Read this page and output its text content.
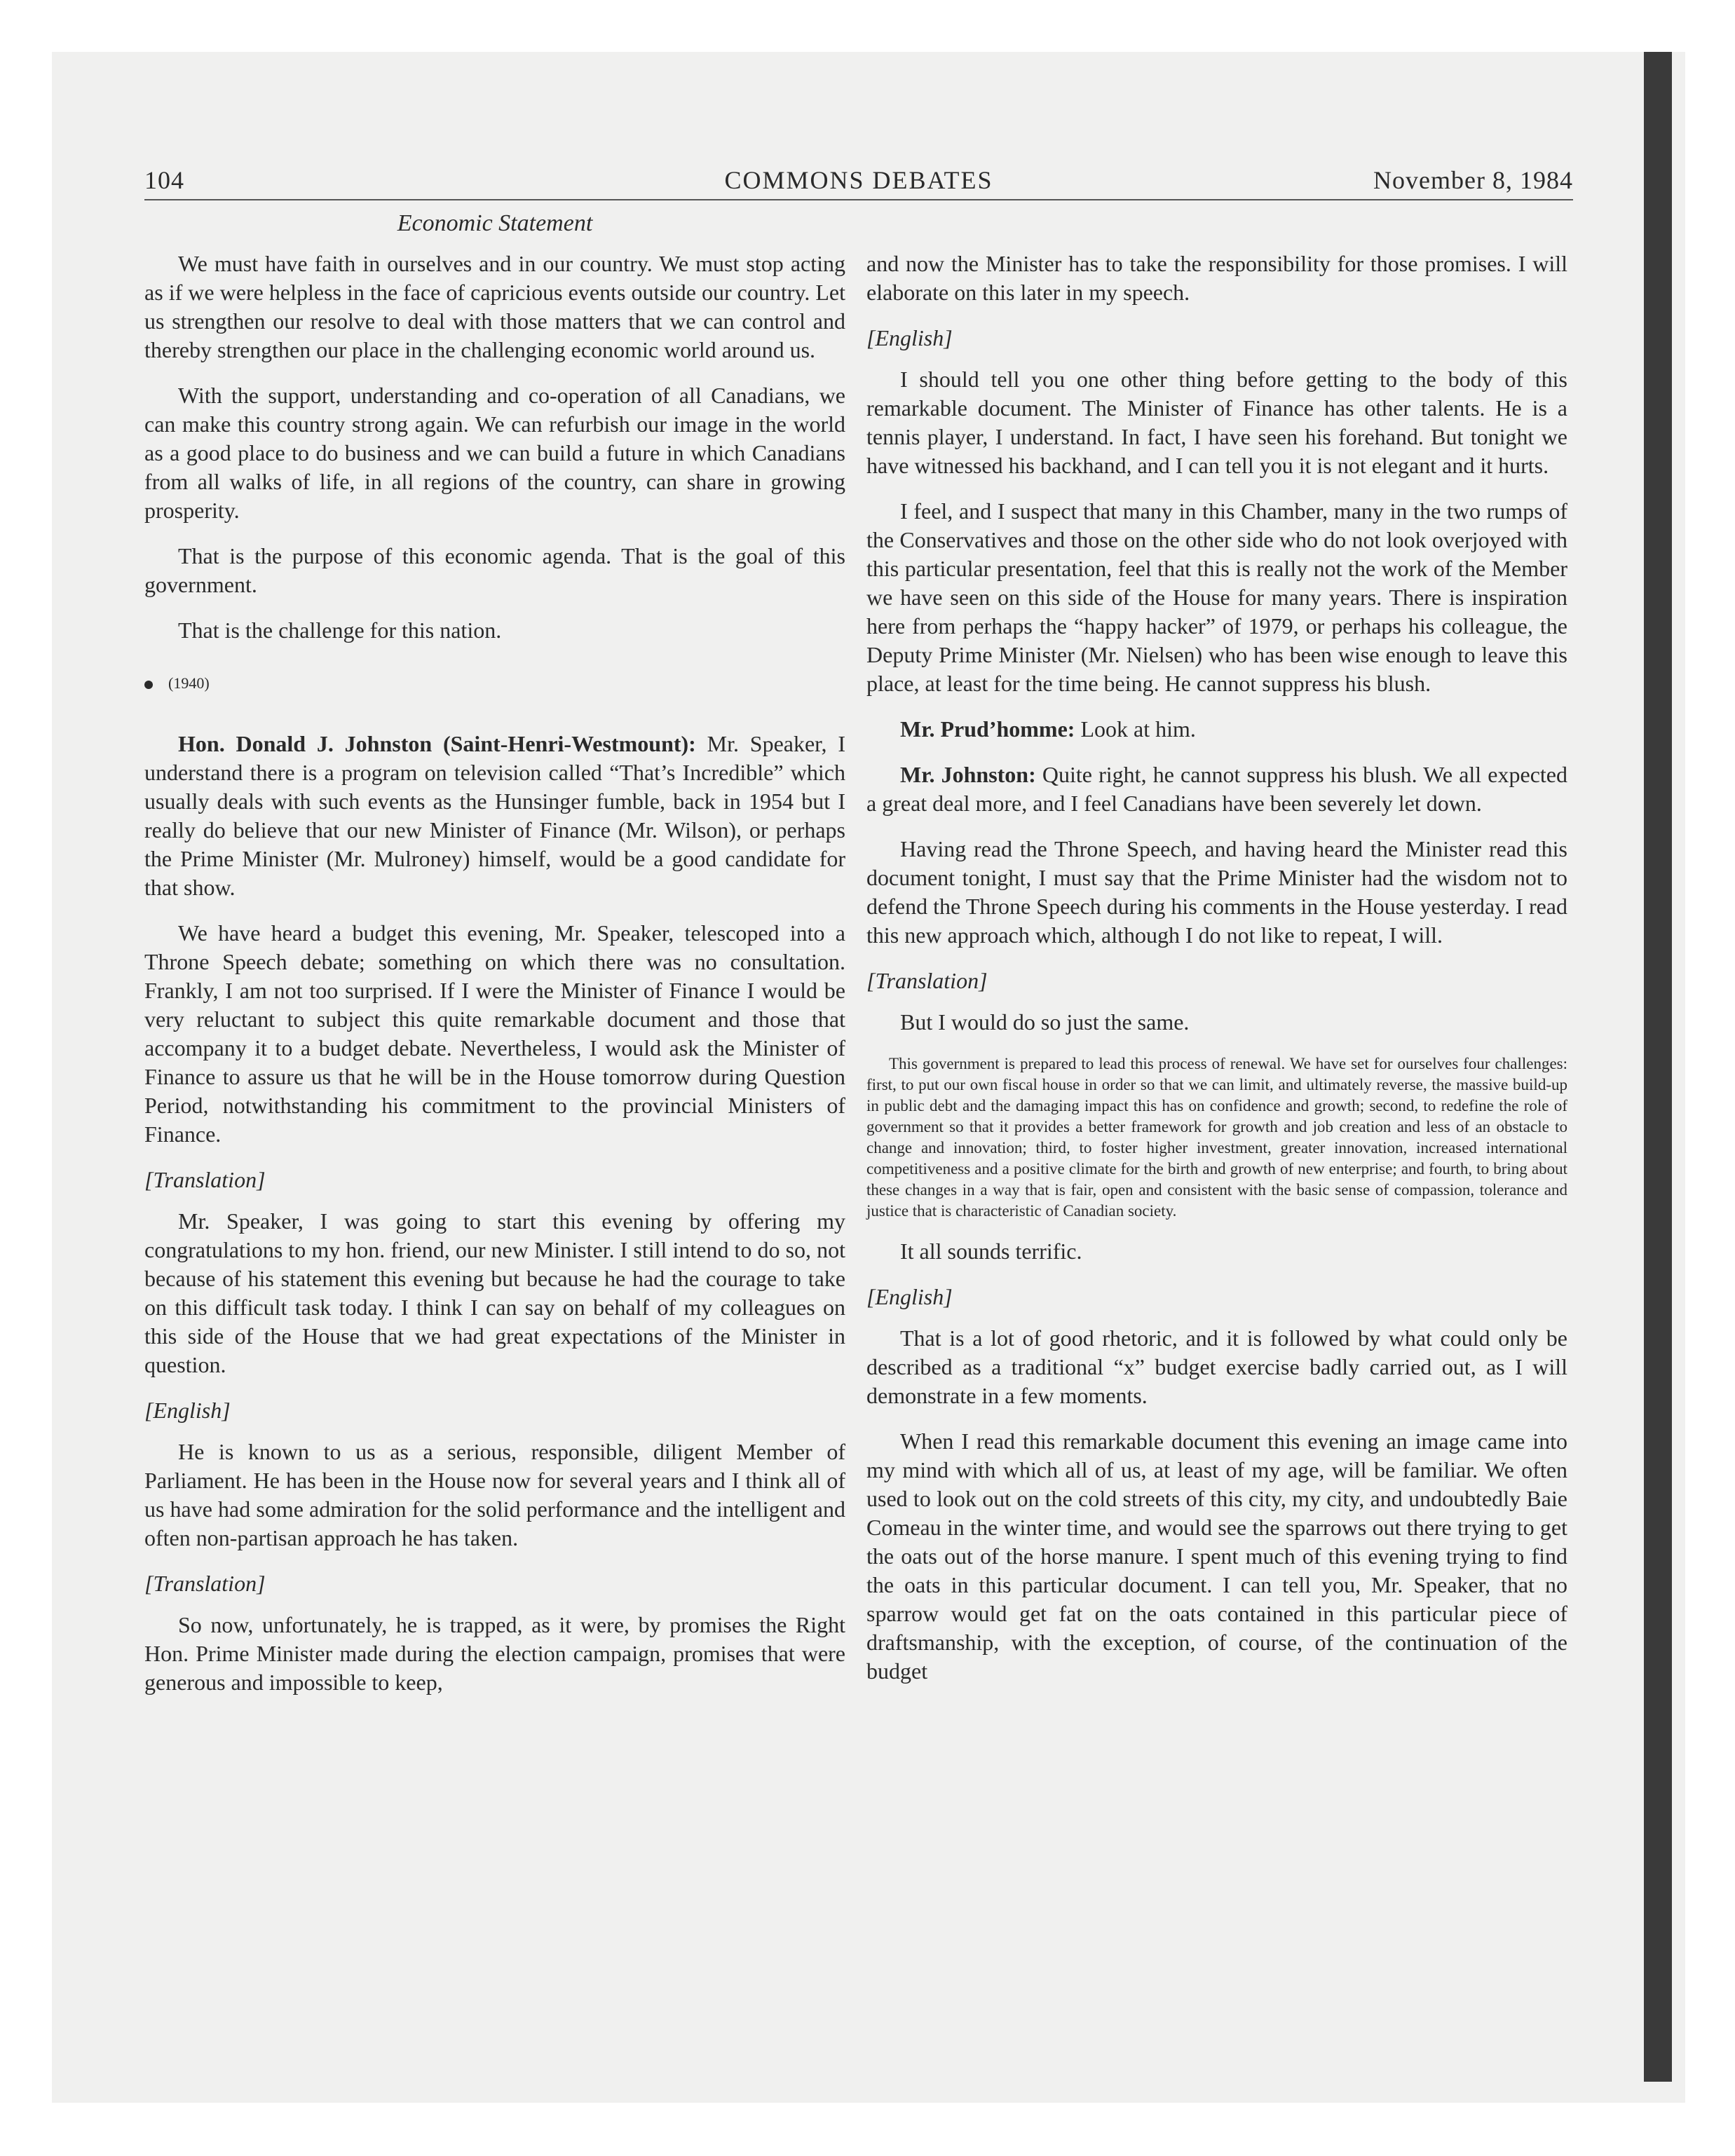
104	COMMONS DEBATES	November 8, 1984
Economic Statement

We must have faith in ourselves and in our country. We must stop acting as if we were helpless in the face of capricious events outside our country. Let us strengthen our resolve to deal with those matters that we can control and thereby strengthen our place in the challenging economic world around us.

With the support, understanding and co-operation of all Canadians, we can make this country strong again. We can refurbish our image in the world as a good place to do business and we can build a future in which Canadians from all walks of life, in all regions of the country, can share in growing prosperity.

That is the purpose of this economic agenda. That is the goal of this government.

That is the challenge for this nation.

(1940)

Hon. Donald J. Johnston (Saint-Henri-Westmount): Mr. Speaker, I understand there is a program on television called “That’s Incredible” which usually deals with such events as the Hunsinger fumble, back in 1954 but I really do believe that our new Minister of Finance (Mr. Wilson), or perhaps the Prime Minister (Mr. Mulroney) himself, would be a good candidate for that show.

We have heard a budget this evening, Mr. Speaker, telescoped into a Throne Speech debate; something on which there was no consultation. Frankly, I am not too surprised. If I were the Minister of Finance I would be very reluctant to subject this quite remarkable document and those that accompany it to a budget debate. Nevertheless, I would ask the Minister of Finance to assure us that he will be in the House tomorrow during Question Period, notwithstanding his commitment to the provincial Ministers of Finance.

[Translation]

Mr. Speaker, I was going to start this evening by offering my congratulations to my hon. friend, our new Minister. I still intend to do so, not because of his statement this evening but because he had the courage to take on this difficult task today. I think I can say on behalf of my colleagues on this side of the House that we had great expectations of the Minister in question.

[English]

He is known to us as a serious, responsible, diligent Member of Parliament. He has been in the House now for several years and I think all of us have had some admiration for the solid performance and the intelligent and often non-partisan approach he has taken.

[Translation]

So now, unfortunately, he is trapped, as it were, by promises the Right Hon. Prime Minister made during the election campaign, promises that were generous and impossible to keep,

and now the Minister has to take the responsibility for those promises. I will elaborate on this later in my speech.

[English]

I should tell you one other thing before getting to the body of this remarkable document. The Minister of Finance has other talents. He is a tennis player, I understand. In fact, I have seen his forehand. But tonight we have witnessed his backhand, and I can tell you it is not elegant and it hurts.

I feel, and I suspect that many in this Chamber, many in the two rumps of the Conservatives and those on the other side who do not look overjoyed with this particular presentation, feel that this is really not the work of the Member we have seen on this side of the House for many years. There is inspiration here from perhaps the “happy hacker” of 1979, or perhaps his colleague, the Deputy Prime Minister (Mr. Nielsen) who has been wise enough to leave this place, at least for the time being. He cannot suppress his blush.

Mr. Prud’homme: Look at him.

Mr. Johnston: Quite right, he cannot suppress his blush. We all expected a great deal more, and I feel Canadians have been severely let down.

Having read the Throne Speech, and having heard the Minister read this document tonight, I must say that the Prime Minister had the wisdom not to defend the Throne Speech during his comments in the House yesterday. I read this new approach which, although I do not like to repeat, I will.

[Translation]

But I would do so just the same.

This government is prepared to lead this process of renewal. We have set for ourselves four challenges: first, to put our own fiscal house in order so that we can limit, and ultimately reverse, the massive build-up in public debt and the damaging impact this has on confidence and growth; second, to redefine the role of government so that it provides a better framework for growth and job creation and less of an obstacle to change and innovation; third, to foster higher investment, greater innovation, increased international competitiveness and a positive climate for the birth and growth of new enterprise; and fourth, to bring about these changes in a way that is fair, open and consistent with the basic sense of compassion, tolerance and justice that is characteristic of Canadian society.

It all sounds terrific.

[English]

That is a lot of good rhetoric, and it is followed by what could only be described as a traditional “x” budget exercise badly carried out, as I will demonstrate in a few moments.

When I read this remarkable document this evening an image came into my mind with which all of us, at least of my age, will be familiar. We often used to look out on the cold streets of this city, my city, and undoubtedly Baie Comeau in the winter time, and would see the sparrows out there trying to get the oats out of the horse manure. I spent much of this evening trying to find the oats in this particular document. I can tell you, Mr. Speaker, that no sparrow would get fat on the oats contained in this particular piece of draftsmanship, with the exception, of course, of the continuation of the budget
